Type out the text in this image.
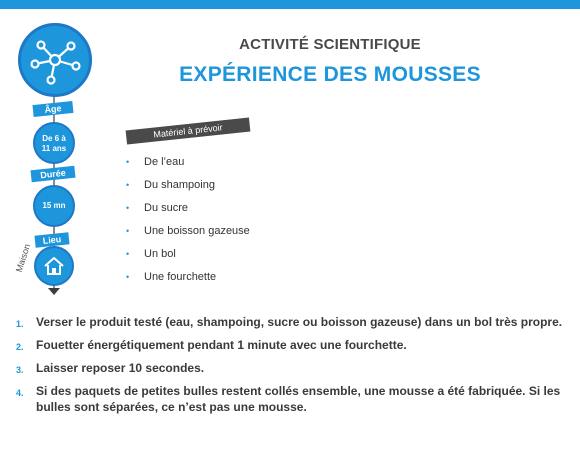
Âge
De 6 à
11 ans
Durée
15 mn
Lieu
Maison
ACTIVITÉ SCIENTIFIQUE
EXPÉRIENCE DES MOUSSES
Matériel à prévoir
• De l’eau
• Du shampoing
• Du sucre
• Une boisson gazeuse
• Un bol
• Une fourchette
1. Verser le produit testé (eau, shampoing, sucre ou boisson gazeuse) dans un bol très propre.
2. Fouetter énergétiquement pendant 1 minute avec une fourchette.
3. Laisser reposer 10 secondes.
4. Si des paquets de petites bulles restent collés ensemble, une mousse a été fabriquée. Si les bulles sont séparées, ce n’est pas une mousse.
